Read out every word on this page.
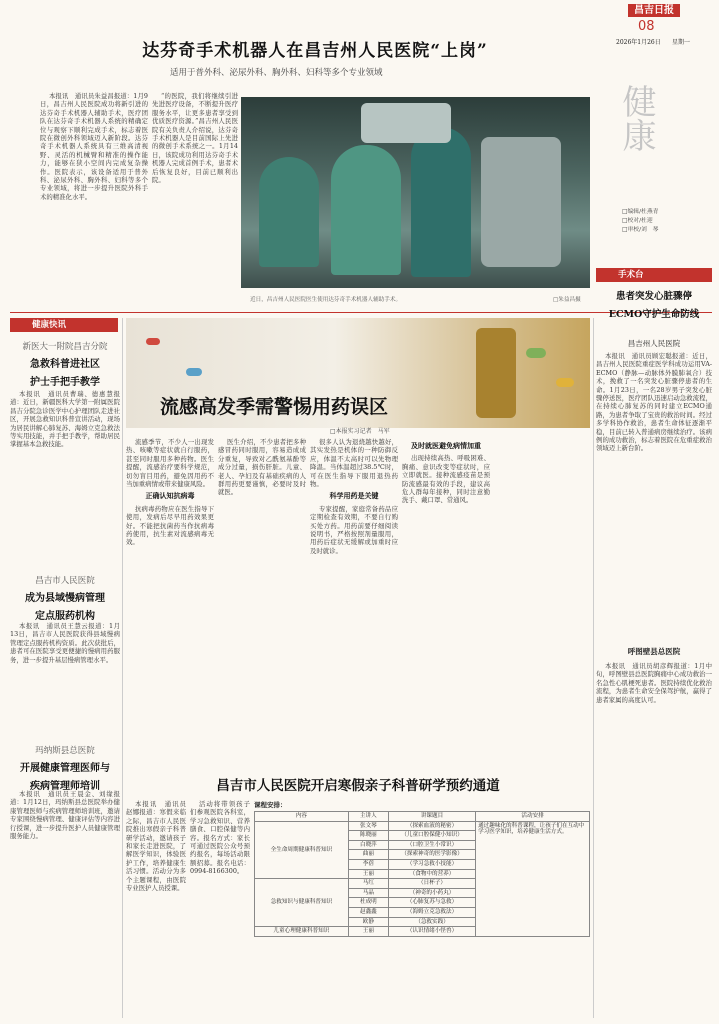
昌吉日报
08
2026年1月26日 星期一
达芬奇手术机器人在昌吉州人民医院“上岗”
适用于普外科、泌尿外科、胸外科、妇科等多个专业领域

本报讯　通讯员朱益昌报道：1月9日，昌吉州人民医院成功将新引进的达芬奇手术机器人辅助手术，医疗团队在达芬奇手术机器人系统的精确定位与观察下顺利完成手术，标志着医院在微创外科领域迈入新阶段。达芬奇手术机器人系统具有三维高清视野、灵活的机械臂和精准的操作能力，能够在狭小空间内完成复杂操作。医院表示，该设备适用于普外科、泌尿外科、胸外科、妇科等多个专业领域，将进一步提升医院外科手术的精准化水平。

“的医院，我们将继续引进先进医疗设备，不断提升医疗服务水平，让更多患者享受到优质医疗资源。”昌吉州人民医院有关负责人介绍说，达芬奇手术机器人是目前国际上先进的微创手术系统之一。1月14日，该院成功利用达芬奇手术机器人完成首例手术，患者术后恢复良好，目前已顺利出院。

近日，昌吉州人民医院医生使用达芬奇手术机器人辅助手术。	□朱益昌摄
健康
□编辑/杜燕青
□校对/杜迎
□审校/刘　琴
健康快讯
手术台
新医大一附院昌吉分院
急救科普进社区
护士手把手教学

本报讯　通讯员曹瑞、德惠慧报道：近日，新疆医科大学第一附属医院昌吉分院急诊医学中心护理团队走进社区，开展急救知识科普宣讲活动，现场为居民讲解心肺复苏、海姆立克急救法等实用技能，并手把手教学，帮助居民掌握基本急救技能。

昌吉市人民医院
成为县域慢病管理
定点服药机构

本报讯　通讯员王慧云报道：1月13日，昌吉市人民医院获得县域慢病管理定点服药机构资质。此次获批后，患者可在医院享受更便捷的慢病用药服务，进一步提升基层慢病管理水平。

玛纳斯县总医院
开展健康管理医师与
疾病管理师培训

本报讯　通讯员王晨金、刘缘报道：1月12日，玛纳斯县总医院举办健康管理医师与疾病管理师培训班，邀请专家围绕慢病管理、健康评估等内容进行授课，进一步提升医护人员健康管理服务能力。

流感高发季需警惕用药误区
□本报实习记者　马军

流感季节，不少人一出现发热、咳嗽等症状就自行服药，甚至同时服用多种药物。医生提醒，流感治疗要科学规范，切勿盲目用药，避免因用药不当加重病情或带来健康风险。

正确认知抗病毒

抗病毒药物应在医生指导下使用，发病后尽早用药效果更好。不能把抗菌药当作抗病毒药使用，抗生素对流感病毒无效。

医生介绍，不少患者把多种感冒药同时服用，容易造成成分重复，导致对乙酰氨基酚等成分过量，损伤肝脏。儿童、老人、孕妇及有基础疾病的人群用药更要谨慎，必要时及时就医。

很多人认为退烧越快越好，其实发热是机体的一种防御反应，体温不太高时可以先物理降温。当体温超过38.5℃时，可在医生指导下服用退热药物。

科学用药是关键

专家提醒，家庭常备药品应定期检查有效期，不要自行购买处方药。用药前要仔细阅读说明书，严格按照剂量服用，用药后症状无缓解或加重时应及时就诊。

及时就医避免病情加重

出现持续高热、呼吸困难、胸痛、意识改变等症状时，应立即就医。接种流感疫苗是预防流感最有效的手段，建议高危人群每年接种，同时注意勤洗手、戴口罩、常通风。

患者突发心脏骤停
ECMO守护生命防线
昌吉州人民医院

本报讯　通讯员顾宏聪报道：近日，昌吉州人民医院重症医学科成功运用VA-ECMO（静脉—动脉体外膜肺氧合）技术，挽救了一名突发心脏骤停患者的生命。1月23日，一名28岁男子突发心脏骤停送医，医疗团队迅速启动急救流程，在持续心肺复苏的同时建立ECMO通路，为患者争取了宝贵的救治时间。经过多学科协作救治，患者生命体征逐渐平稳，目前已转入普通病房继续治疗。该病例的成功救治，标志着医院在危重症救治领域迈上新台阶。

呼图壁县总医院

本报讯　通讯员胡彦辉报道：1月中旬，呼图壁县总医院胸痛中心成功救治一名急性心肌梗死患者。医院持续优化救治流程，为患者生命安全保驾护航，赢得了患者家属的高度认可。

昌吉市人民医院开启寒假亲子科普研学预约通道

本报讯　通讯员赵娜报道：寒假来临之际，昌吉市人民医院推出寒假亲子科普研学活动，邀请孩子和家长走进医院，了解医学知识，体验医护工作，培养健康生活习惯。活动分为多个主题课程，由医院专业医护人员授课。

活动将带领孩子们参观医院各科室，学习急救知识、营养膳食、口腔保健等内容。报名方式：家长可通过医院公众号预约报名，每场活动限额招募。报名电话：0994-8166300。

课程安排：
内容	主讲人	讲课题目	活动安排
全生命周期健康科普知识	张文琴	（探索血液的秘密）	通过趣味化的科普课程，让孩子们在互动中学习医学知识，培养健康生活方式。
	陈晓丽	（儿童口腔保健小知识）	
	白晓萍	（口腔卫生小常识）	
	曲丽	（探索神奇的医学影像）	
	李蓓	（学习急救小技能）	
	王丽	（食物中的营养）	
急救知识与健康科普知识	马红	（日杯子）	
	马晶	（神奇的小药丸）	
	杜成明	（心肺复苏与急救）	
	赵鑫鑫	（海姆立克急救法）	
	欧静	（急救实践）	
儿童心理健康科普知识	王丽	（认识情绪小怪兽）	
